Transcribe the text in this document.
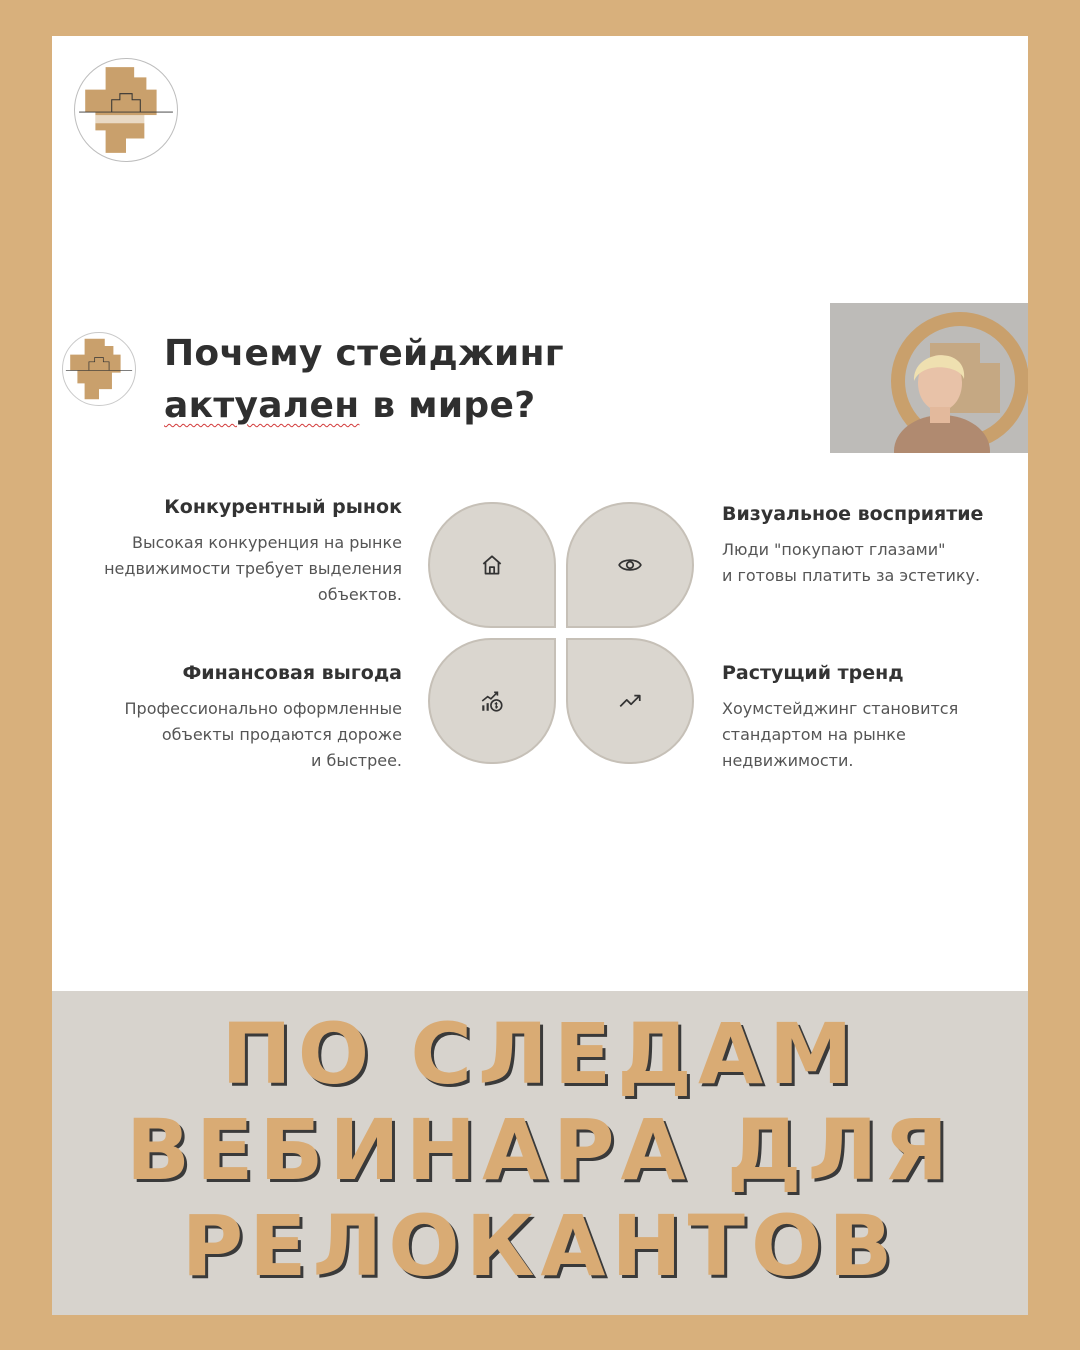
Почему стейджинг
актуален в мире?
Конкурентный рынок

Высокая конкуренция на рынке
недвижимости требует выделения
объектов.

Визуальное восприятие

Люди "покупают глазами"
и готовы платить за эстетику.

Финансовая выгода

Профессионально оформленные
объекты продаются дороже
и быстрее.

Растущий тренд

Хоумстейджинг становится
стандартом на рынке
недвижимости.

ПО СЛЕДАМ
ВЕБИНАРА ДЛЯ
РЕЛОКАНТОВ
